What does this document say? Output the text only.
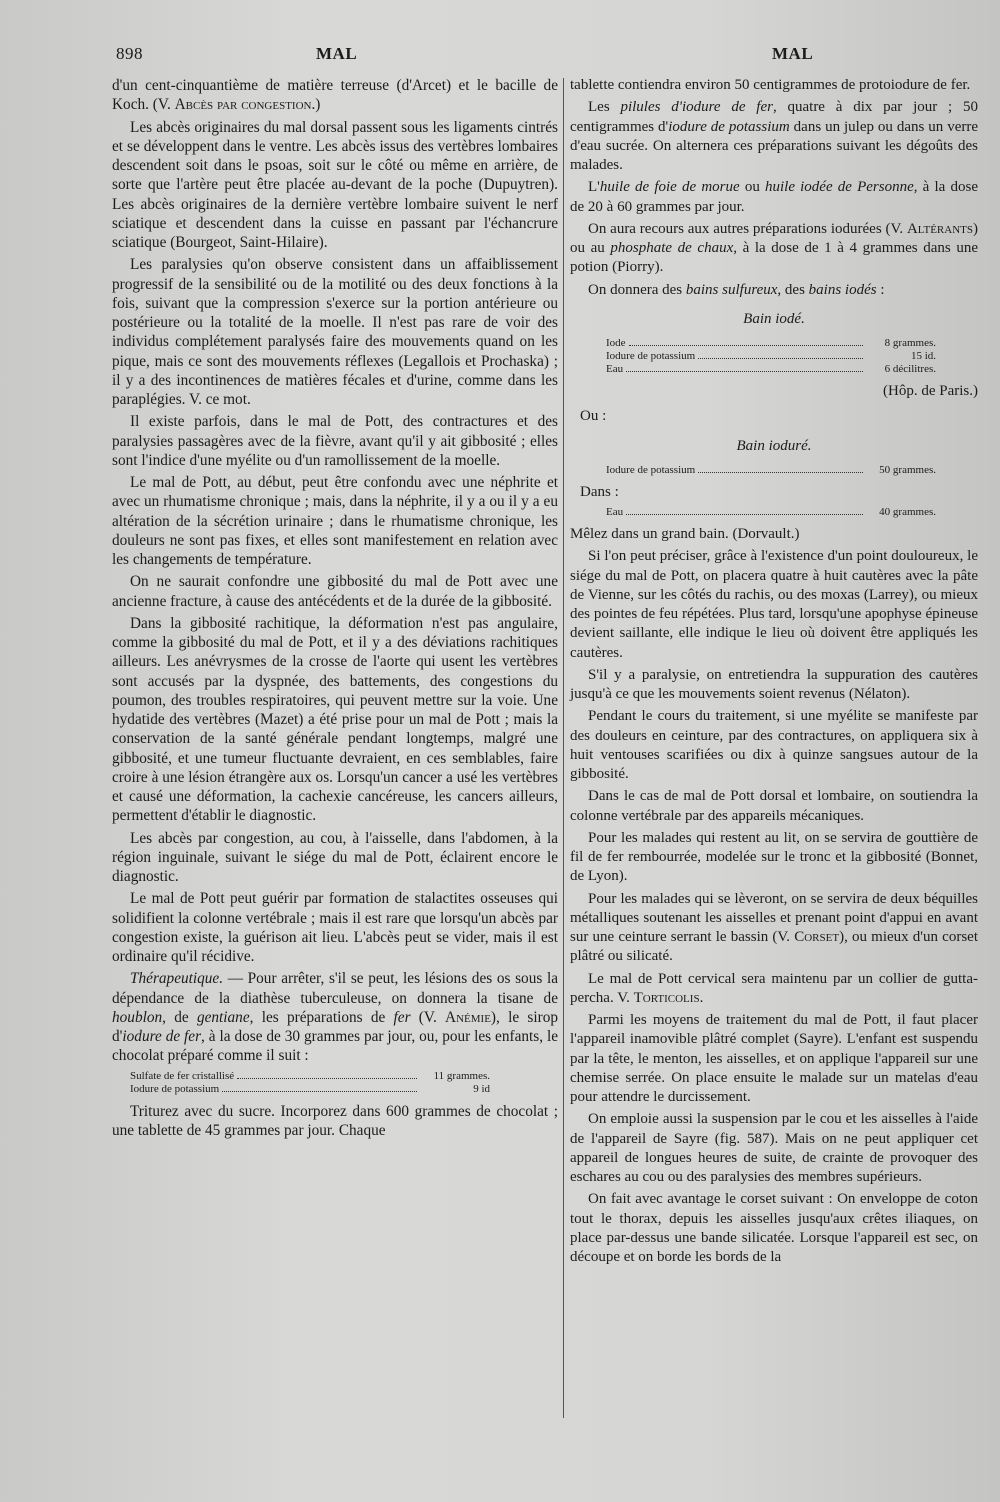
898	MAL	MAL

d'un cent-cinquantième de matière terreuse (d'Arcet) et le bacille de Koch. (V. Abcès par congestion.)

Les abcès originaires du mal dorsal passent sous les ligaments cintrés et se développent dans le ventre. Les abcès issus des vertèbres lombaires descendent soit dans le psoas, soit sur le côté ou même en arrière, de sorte que l'artère peut être placée au-devant de la poche (Dupuytren). Les abcès originaires de la dernière vertèbre lombaire suivent le nerf sciatique et descendent dans la cuisse en passant par l'échancrure sciatique (Bourgeot, Saint-Hilaire).

Les paralysies qu'on observe consistent dans un affaiblissement progressif de la sensibilité ou de la motilité ou des deux fonctions à la fois, suivant que la compression s'exerce sur la portion antérieure ou postérieure ou la totalité de la moelle. Il n'est pas rare de voir des individus complétement paralysés faire des mouvements quand on les pique, mais ce sont des mouvements réflexes (Legallois et Prochaska) ; il y a des incontinences de matières fécales et d'urine, comme dans les paraplégies. V. ce mot.

Il existe parfois, dans le mal de Pott, des contractures et des paralysies passagères avec de la fièvre, avant qu'il y ait gibbosité ; elles sont l'indice d'une myélite ou d'un ramollissement de la moelle.

Le mal de Pott, au début, peut être confondu avec une néphrite et avec un rhumatisme chronique ; mais, dans la néphrite, il y a ou il y a eu altération de la sécrétion urinaire ; dans le rhumatisme chronique, les douleurs ne sont pas fixes, et elles sont manifestement en relation avec les changements de température.

On ne saurait confondre une gibbosité du mal de Pott avec une ancienne fracture, à cause des antécédents et de la durée de la gibbosité.

Dans la gibbosité rachitique, la déformation n'est pas angulaire, comme la gibbosité du mal de Pott, et il y a des déviations rachitiques ailleurs. Les anévrysmes de la crosse de l'aorte qui usent les vertèbres sont accusés par la dyspnée, des battements, des congestions du poumon, des troubles respiratoires, qui peuvent mettre sur la voie. Une hydatide des vertèbres (Mazet) a été prise pour un mal de Pott ; mais la conservation de la santé générale pendant longtemps, malgré une gibbosité, et une tumeur fluctuante devraient, en ces semblables, faire croire à une lésion étrangère aux os. Lorsqu'un cancer a usé les vertèbres et causé une déformation, la cachexie cancéreuse, les cancers ailleurs, permettent d'établir le diagnostic.

Les abcès par congestion, au cou, à l'aisselle, dans l'abdomen, à la région inguinale, suivant le siége du mal de Pott, éclairent encore le diagnostic.

Le mal de Pott peut guérir par formation de stalactites osseuses qui solidifient la colonne vertébrale ; mais il est rare que lorsqu'un abcès par congestion existe, la guérison ait lieu. L'abcès peut se vider, mais il est ordinaire qu'il récidive.

Thérapeutique. — Pour arrêter, s'il se peut, les lésions des os sous la dépendance de la diathèse tuberculeuse, on donnera la tisane de houblon, de gentiane, les préparations de fer (V. Anémie), le sirop d'iodure de fer, à la dose de 30 grammes par jour, ou, pour les enfants, le chocolat préparé comme il suit :

Sulfate de fer cristallisé	11 grammes.
Iodure de potassium	9 id

Triturez avec du sucre. Incorporez dans 600 grammes de chocolat ; une tablette de 45 grammes par jour. Chaque

tablette contiendra environ 50 centigrammes de protoiodure de fer.

Les pilules d'iodure de fer, quatre à dix par jour ; 50 centigrammes d'iodure de potassium dans un julep ou dans un verre d'eau sucrée. On alternera ces préparations suivant les dégoûts des malades.

L'huile de foie de morue ou huile iodée de Personne, à la dose de 20 à 60 grammes par jour.

On aura recours aux autres préparations iodurées (V. Altérants) ou au phosphate de chaux, à la dose de 1 à 4 grammes dans une potion (Piorry).

On donnera des bains sulfureux, des bains iodés :

Bain iodé.
Iode	8 grammes.
Iodure de potassium	15 id.
Eau	6 décilitres.
(Hôp. de Paris.)
Ou :
Bain ioduré.
Iodure de potassium	50 grammes.
Dans :
Eau	40 grammes.

Mêlez dans un grand bain. (Dorvault.)

Si l'on peut préciser, grâce à l'existence d'un point douloureux, le siége du mal de Pott, on placera quatre à huit cautères avec la pâte de Vienne, sur les côtés du rachis, ou des moxas (Larrey), ou mieux des pointes de feu répétées. Plus tard, lorsqu'une apophyse épineuse devient saillante, elle indique le lieu où doivent être appliqués les cautères.

S'il y a paralysie, on entretiendra la suppuration des cautères jusqu'à ce que les mouvements soient revenus (Nélaton).

Pendant le cours du traitement, si une myélite se manifeste par des douleurs en ceinture, par des contractures, on appliquera six à huit ventouses scarifiées ou dix à quinze sangsues autour de la gibbosité.

Dans le cas de mal de Pott dorsal et lombaire, on soutiendra la colonne vertébrale par des appareils mécaniques.

Pour les malades qui restent au lit, on se servira de gouttière de fil de fer rembourrée, modelée sur le tronc et la gibbosité (Bonnet, de Lyon).

Pour les malades qui se lèveront, on se servira de deux béquilles métalliques soutenant les aisselles et prenant point d'appui en avant sur une ceinture serrant le bassin (V. Corset), ou mieux d'un corset plâtré ou silicaté.

Le mal de Pott cervical sera maintenu par un collier de gutta-percha. V. Torticolis.

Parmi les moyens de traitement du mal de Pott, il faut placer l'appareil inamovible plâtré complet (Sayre). L'enfant est suspendu par la tête, le menton, les aisselles, et on applique l'appareil sur une chemise serrée. On place ensuite le malade sur un matelas d'eau pour attendre le durcissement.

On emploie aussi la suspension par le cou et les aisselles à l'aide de l'appareil de Sayre (fig. 587). Mais on ne peut appliquer cet appareil de longues heures de suite, de crainte de provoquer des eschares au cou ou des paralysies des membres supérieurs.

On fait avec avantage le corset suivant : On enveloppe de coton tout le thorax, depuis les aisselles jusqu'aux crêtes iliaques, on place par-dessus une bande silicatée. Lorsque l'appareil est sec, on découpe et on borde les bords de la
